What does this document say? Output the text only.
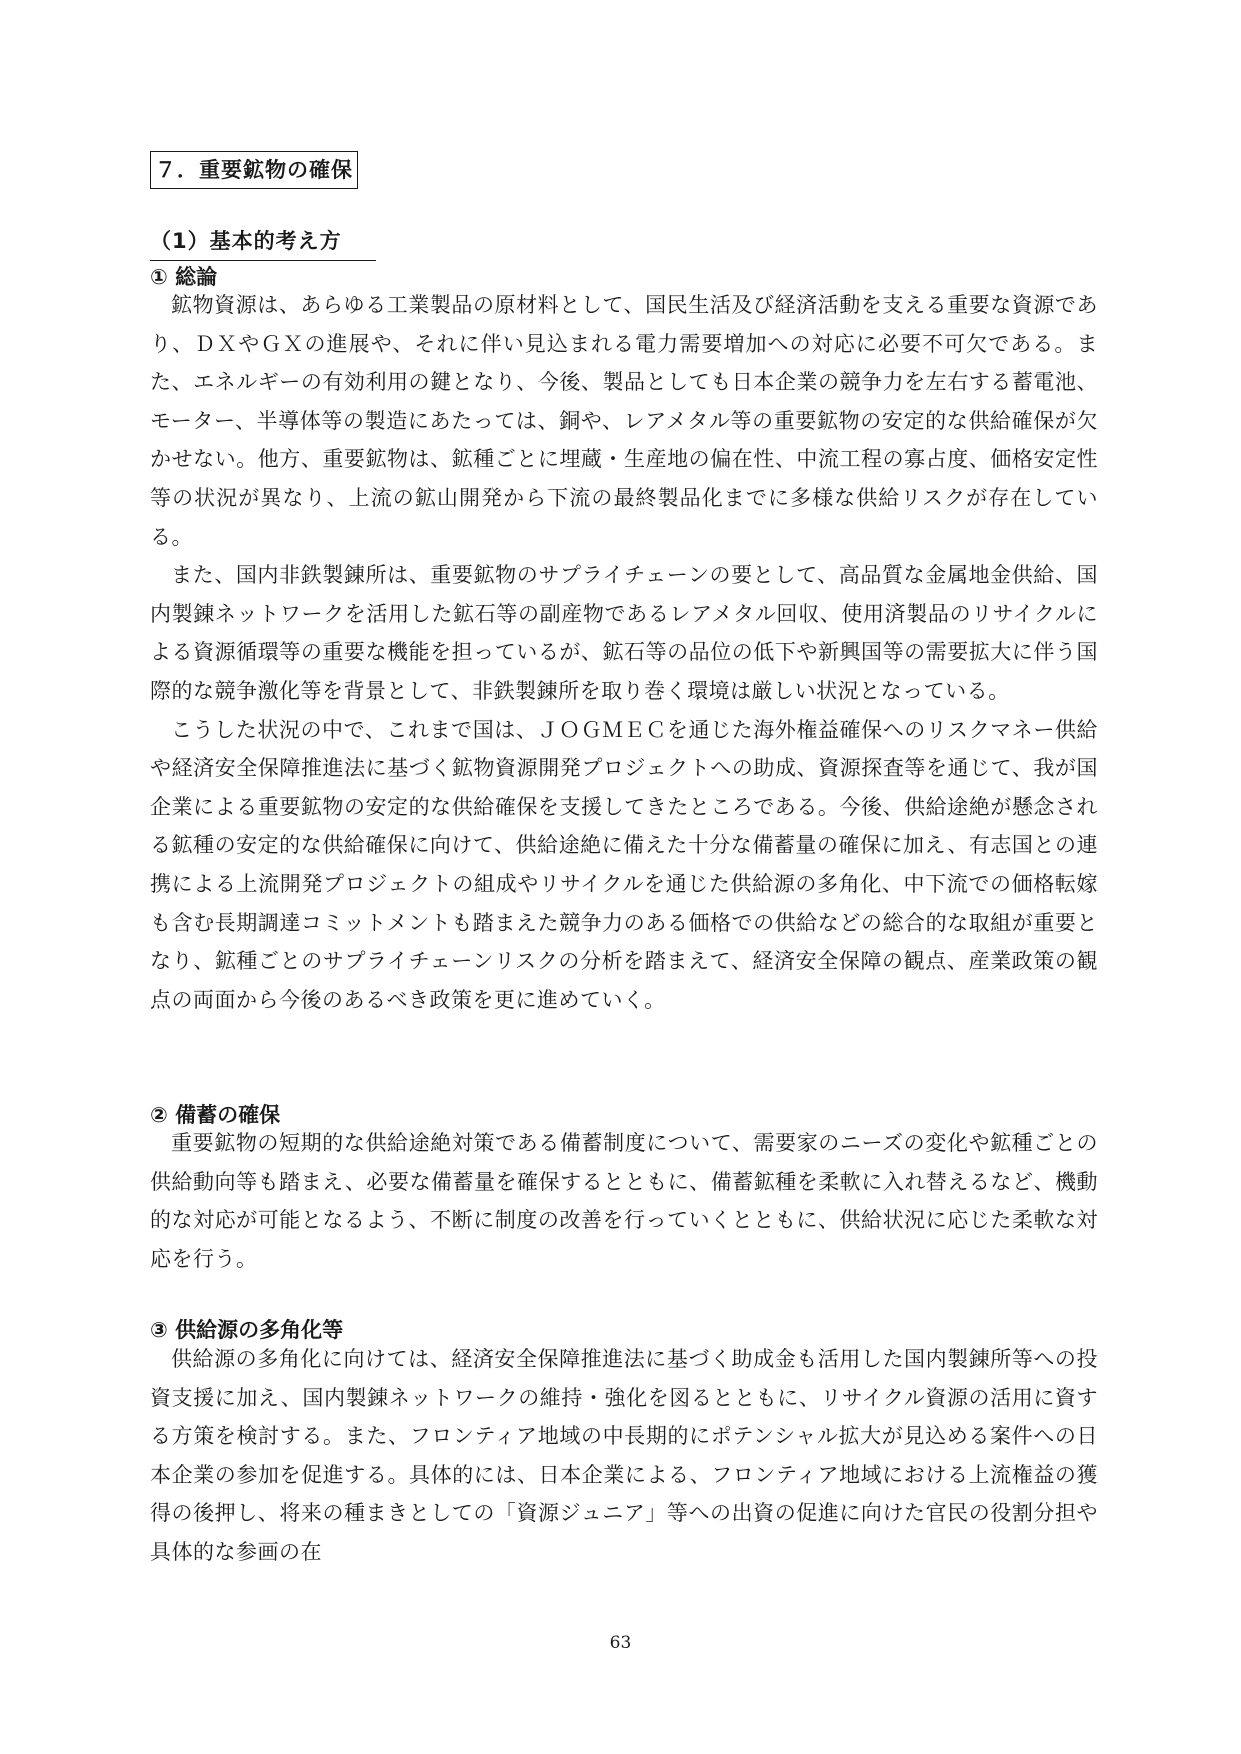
７．重要鉱物の確保
（1）基本的考え方
① 総論

鉱物資源は、あらゆる工業製品の原材料として、国民生活及び経済活動を支える重要な資源であり、ＤＸやＧＸの進展や、それに伴い見込まれる電力需要増加への対応に必要不可欠である。また、エネルギーの有効利用の鍵となり、今後、製品としても日本企業の競争力を左右する蓄電池、モーター、半導体等の製造にあたっては、銅や、レアメタル等の重要鉱物の安定的な供給確保が欠かせない。他方、重要鉱物は、鉱種ごとに埋蔵・生産地の偏在性、中流工程の寡占度、価格安定性等の状況が異なり、上流の鉱山開発から下流の最終製品化までに多様な供給リスクが存在している。

また、国内非鉄製錬所は、重要鉱物のサプライチェーンの要として、高品質な金属地金供給、国内製錬ネットワークを活用した鉱石等の副産物であるレアメタル回収、使用済製品のリサイクルによる資源循環等の重要な機能を担っているが、鉱石等の品位の低下や新興国等の需要拡大に伴う国際的な競争激化等を背景として、非鉄製錬所を取り巻く環境は厳しい状況となっている。

こうした状況の中で、これまで国は、ＪＯＧＭＥＣを通じた海外権益確保へのリスクマネー供給や経済安全保障推進法に基づく鉱物資源開発プロジェクトへの助成、資源探査等を通じて、我が国企業による重要鉱物の安定的な供給確保を支援してきたところである。今後、供給途絶が懸念される鉱種の安定的な供給確保に向けて、供給途絶に備えた十分な備蓄量の確保に加え、有志国との連携による上流開発プロジェクトの組成やリサイクルを通じた供給源の多角化、中下流での価格転嫁も含む長期調達コミットメントも踏まえた競争力のある価格での供給などの総合的な取組が重要となり、鉱種ごとのサプライチェーンリスクの分析を踏まえて、経済安全保障の観点、産業政策の観点の両面から今後のあるべき政策を更に進めていく。

② 備蓄の確保

重要鉱物の短期的な供給途絶対策である備蓄制度について、需要家のニーズの変化や鉱種ごとの供給動向等も踏まえ、必要な備蓄量を確保するとともに、備蓄鉱種を柔軟に入れ替えるなど、機動的な対応が可能となるよう、不断に制度の改善を行っていくとともに、供給状況に応じた柔軟な対応を行う。

③ 供給源の多角化等

供給源の多角化に向けては、経済安全保障推進法に基づく助成金も活用した国内製錬所等への投資支援に加え、国内製錬ネットワークの維持・強化を図るとともに、リサイクル資源の活用に資する方策を検討する。また、フロンティア地域の中長期的にポテンシャル拡大が見込める案件への日本企業の参加を促進する。具体的には、日本企業による、フロンティア地域における上流権益の獲得の後押し、将来の種まきとしての「資源ジュニア」等への出資の促進に向けた官民の役割分担や具体的な参画の在

63
